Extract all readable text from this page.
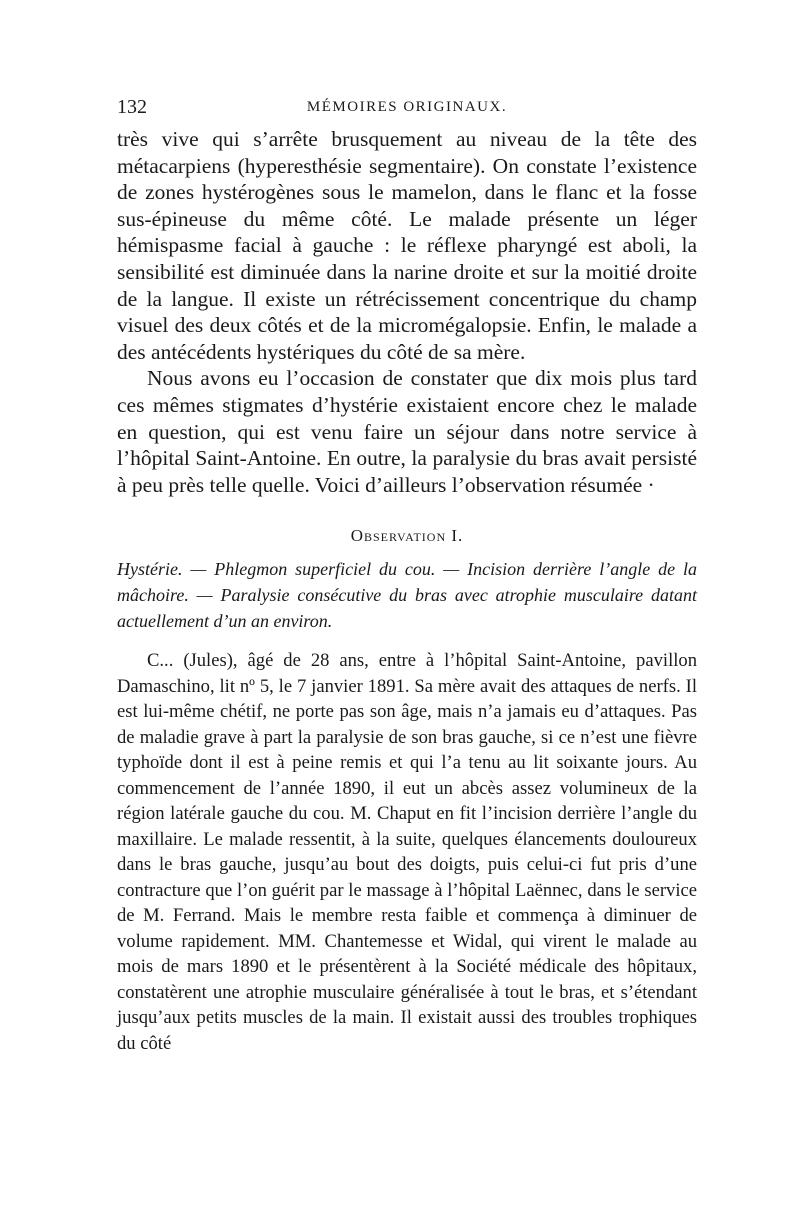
132	MÉMOIRES ORIGINAUX.

très vive qui s’arrête brusquement au niveau de la tête des métacarpiens (hyperesthésie segmentaire). On constate l’existence de zones hystérogènes sous le mamelon, dans le flanc et la fosse sus-épineuse du même côté. Le malade présente un léger hémispasme facial à gauche : le réflexe pharyngé est aboli, la sensibilité est diminuée dans la narine droite et sur la moitié droite de la langue. Il existe un rétrécissement concentrique du champ visuel des deux côtés et de la micromégalopsie. Enfin, le malade a des antécédents hystériques du côté de sa mère.

Nous avons eu l’occasion de constater que dix mois plus tard ces mêmes stigmates d’hystérie existaient encore chez le malade en question, qui est venu faire un séjour dans notre service à l’hôpital Saint-Antoine. En outre, la paralysie du bras avait persisté à peu près telle quelle. Voici d’ailleurs l’observation résumée ·

Observation I.
Hystérie. — Phlegmon superficiel du cou. — Incision derrière l’angle de la mâchoire. — Paralysie consécutive du bras avec atrophie musculaire datant actuellement d’un an environ.
C... (Jules), âgé de 28 ans, entre à l’hôpital Saint-Antoine, pavillon Damaschino, lit nº 5, le 7 janvier 1891. Sa mère avait des attaques de nerfs. Il est lui-même chétif, ne porte pas son âge, mais n’a jamais eu d’attaques. Pas de maladie grave à part la paralysie de son bras gauche, si ce n’est une fièvre typhoïde dont il est à peine remis et qui l’a tenu au lit soixante jours. Au commencement de l’année 1890, il eut un abcès assez volumineux de la région latérale gauche du cou. M. Chaput en fit l’incision derrière l’angle du maxillaire. Le malade ressentit, à la suite, quelques élancements douloureux dans le bras gauche, jusqu’au bout des doigts, puis celui-ci fut pris d’une contracture que l’on guérit par le massage à l’hôpital Laënnec, dans le service de M. Ferrand. Mais le membre resta faible et commença à diminuer de volume rapidement. MM. Chantemesse et Widal, qui virent le malade au mois de mars 1890 et le présentèrent à la Société médicale des hôpitaux, constatèrent une atrophie musculaire généralisée à tout le bras, et s’étendant jusqu’aux petits muscles de la main. Il existait aussi des troubles trophiques du côté
